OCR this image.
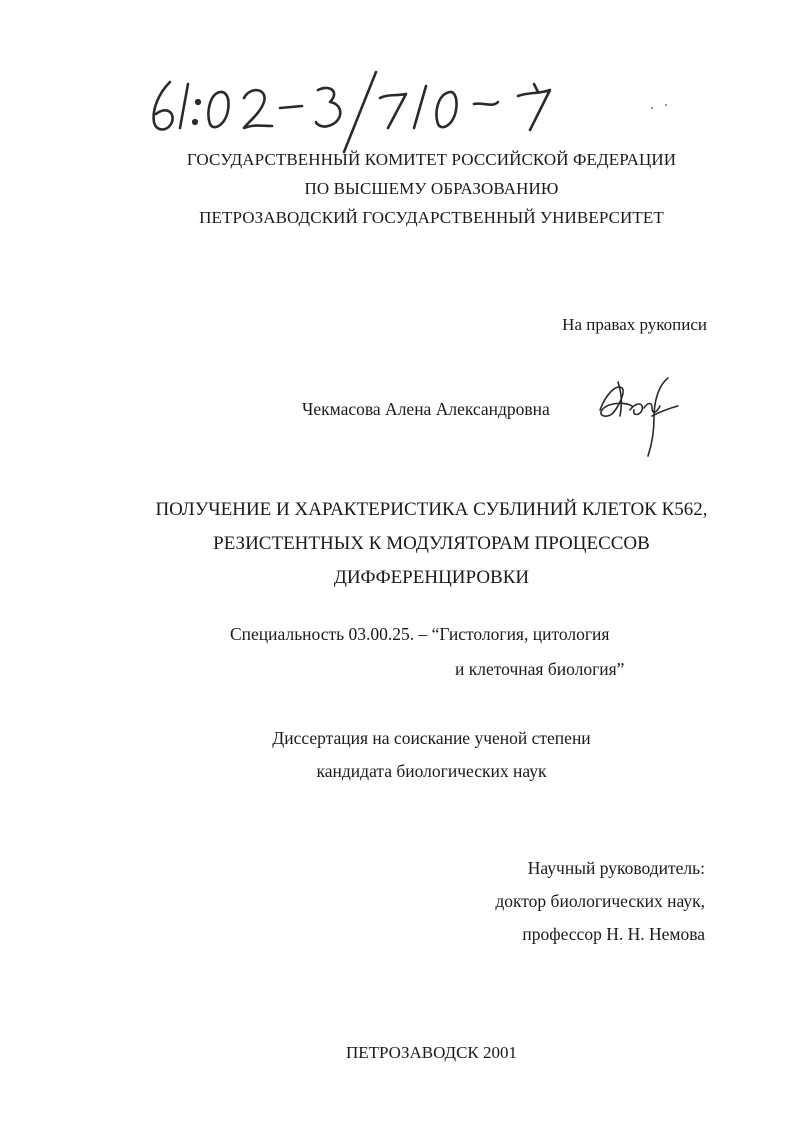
ГОСУДАРСТВЕННЫЙ КОМИТЕТ РОССИЙСКОЙ ФЕДЕРАЦИИ
ПО ВЫСШЕМУ ОБРАЗОВАНИЮ
ПЕТРОЗАВОДСКИЙ ГОСУДАРСТВЕННЫЙ УНИВЕРСИТЕТ
На правах рукописи
Чекмасова Алена Александровна
ПОЛУЧЕНИЕ И ХАРАКТЕРИСТИКА СУБЛИНИЙ КЛЕТОК К562,
РЕЗИСТЕНТНЫХ К МОДУЛЯТОРАМ ПРОЦЕССОВ
ДИФФЕРЕНЦИРОВКИ
Специальность 03.00.25. – “Гистология, цитология
и клеточная биология”
Диссертация на соискание ученой степени
кандидата биологических наук
Научный руководитель:
доктор биологических наук,
профессор Н. Н. Немова
ПЕТРОЗАВОДСК 2001
